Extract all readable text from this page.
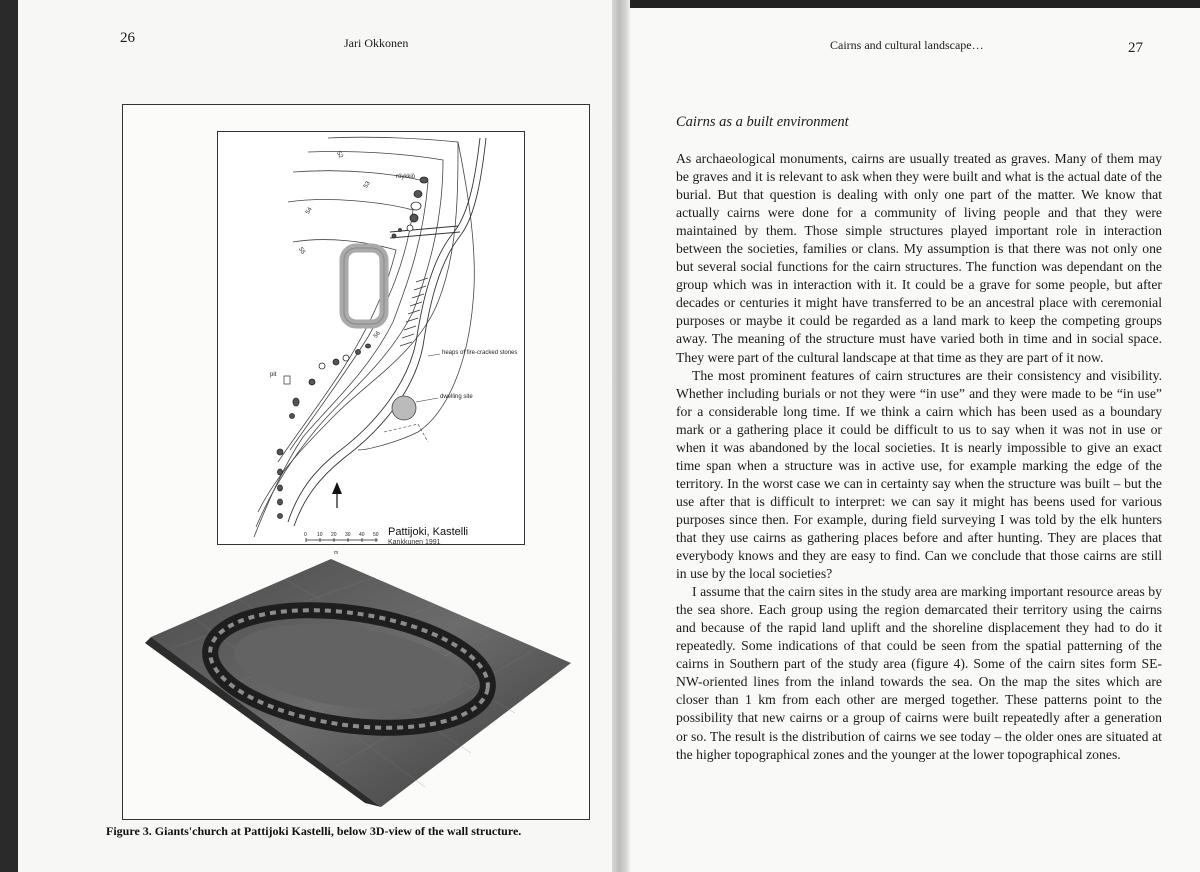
26	Jari Okkonen
52
53
54
55
56
röykkiö
pit
heaps of fire-cracked stones
dwelling site
Pattijoki, Kastelli
Kankkunen 1991
0 10 20 30 40 50
m
Figure 3. Giants'church at Pattijoki Kastelli, below 3D-view of the wall structure.
Cairns and cultural landscape…	27
Cairns as a built environment

As archaeological monuments, cairns are usually treated as graves. Many of them may be graves and it is relevant to ask when they were built and what is the actual date of the burial. But that question is dealing with only one part of the matter. We know that actually cairns were done for a community of living people and that they were maintained by them. Those simple structures played important role in interaction between the societies, families or clans. My assumption is that there was not only one but several social functions for the cairn structures. The function was dependant on the group which was in interaction with it. It could be a grave for some people, but after decades or centuries it might have transferred to be an ancestral place with ceremonial purposes or maybe it could be regarded as a land mark to keep the competing groups away. The meaning of the structure must have varied both in time and in social space. They were part of the cultural landscape at that time as they are part of it now.

The most prominent features of cairn structures are their consistency and visibility. Whether including burials or not they were “in use” and they were made to be “in use” for a considerable long time. If we think a cairn which has been used as a boundary mark or a gathering place it could be difficult to us to say when it was not in use or when it was abandoned by the local societies. It is nearly impossible to give an exact time span when a structure was in active use, for example marking the edge of the territory. In the worst case we can in certainty say when the structure was built – but the use after that is difficult to interpret: we can say it might has beens used for various purposes since then. For example, during field surveying I was told by the elk hunters that they use cairns as gathering places before and after hunting. They are places that everybody knows and they are easy to find. Can we conclude that those cairns are still in use by the local societies?

I assume that the cairn sites in the study area are marking important resource areas by the sea shore. Each group using the region demarcated their territory using the cairns and because of the rapid land uplift and the shoreline displacement they had to do it repeatedly. Some indications of that could be seen from the spatial patterning of the cairns in Southern part of the study area (figure 4). Some of the cairn sites form SE-NW-oriented lines from the inland towards the sea. On the map the sites which are closer than 1 km from each other are merged together. These patterns point to the possibility that new cairns or a group of cairns were built repeatedly after a generation or so. The result is the distribution of cairns we see today – the older ones are situated at the higher topographical zones and the younger at the lower topographical zones.
